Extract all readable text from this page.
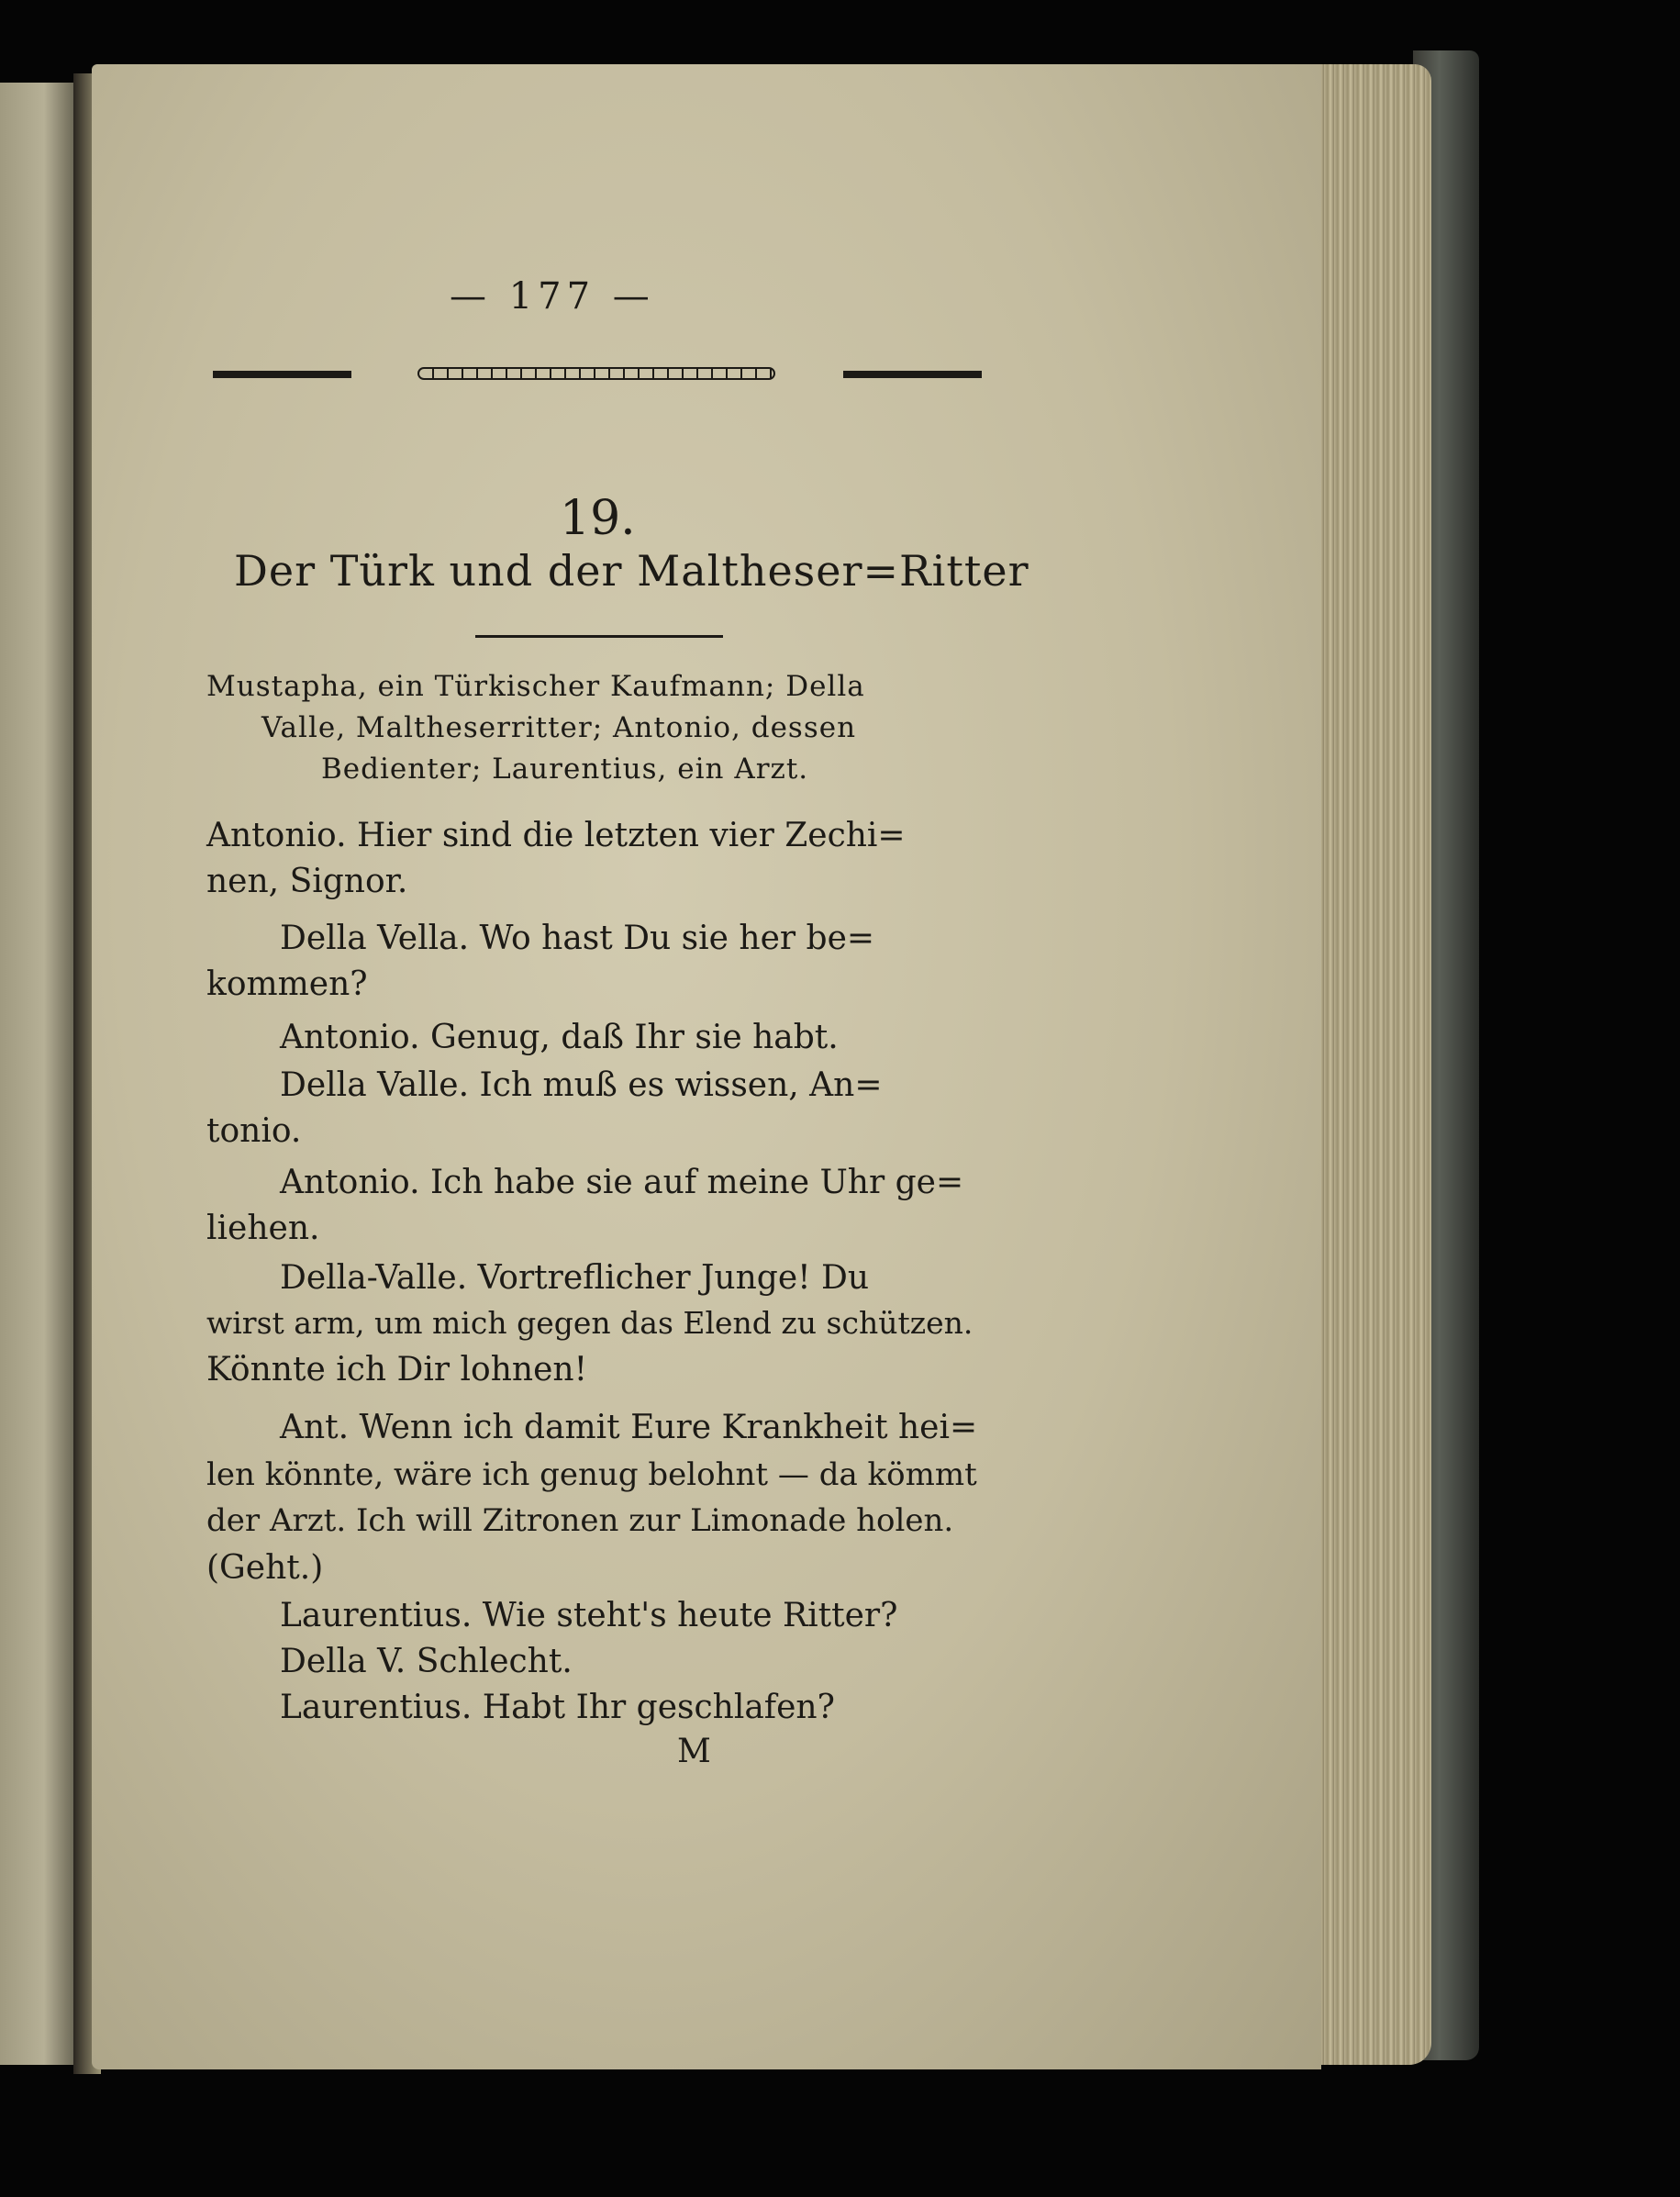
— 177 —
19.
Der Türk und der Maltheser=Ritter
Mustapha, ein Türkischer Kaufmann; Della
Valle, Maltheserritter; Antonio, dessen
Bedienter; Laurentius, ein Arzt.
Antonio. Hier sind die letzten vier Zechi=
nen, Signor.
Della Vella. Wo hast Du sie her be=
kommen?
Antonio. Genug, daß Ihr sie habt.
Della Valle. Ich muß es wissen, An=
tonio.
Antonio. Ich habe sie auf meine Uhr ge=
liehen.
Della-Valle. Vortreflicher Junge! Du
wirst arm, um mich gegen das Elend zu schützen.
Könnte ich Dir lohnen!
Ant. Wenn ich damit Eure Krankheit hei=
len könnte, wäre ich genug belohnt — da kömmt
der Arzt. Ich will Zitronen zur Limonade holen.
(Geht.)
Laurentius. Wie steht's heute Ritter?
Della V. Schlecht.
Laurentius. Habt Ihr geschlafen?
M
